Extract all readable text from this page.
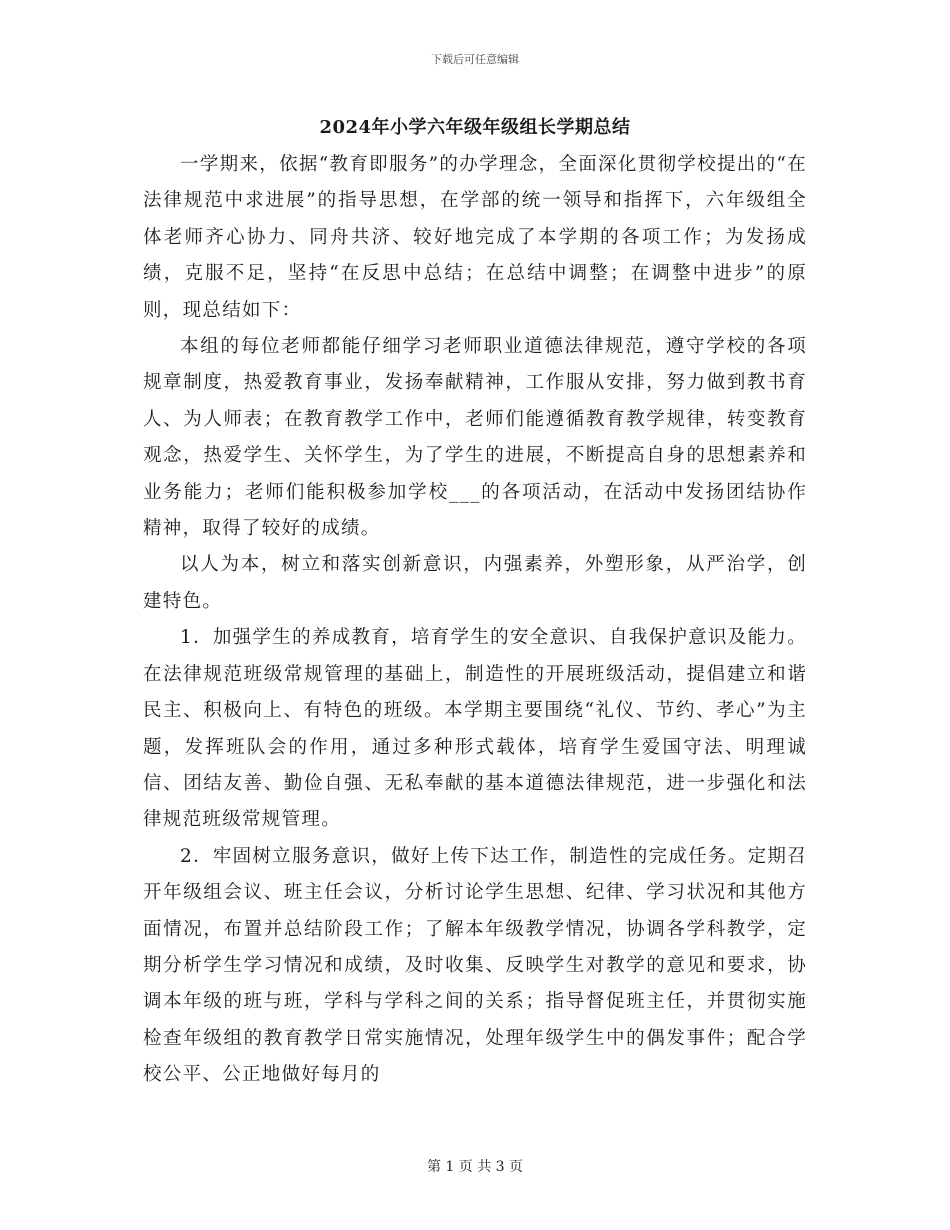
下载后可任意编辑
2024年小学六年级年级组长学期总结

一学期来，依据“教育即服务”的办学理念，全面深化贯彻学校提出的“在法律规范中求进展”的指导思想，在学部的统一领导和指挥下，六年级组全体老师齐心协力、同舟共济、较好地完成了本学期的各项工作；为发扬成绩，克服不足，坚持“在反思中总结；在总结中调整；在调整中进步”的原则，现总结如下：

本组的每位老师都能仔细学习老师职业道德法律规范，遵守学校的各项规章制度，热爱教育事业，发扬奉献精神，工作服从安排，努力做到教书育人、为人师表；在教育教学工作中，老师们能遵循教育教学规律，转变教育观念，热爱学生、关怀学生，为了学生的进展，不断提高自身的思想素养和业务能力；老师们能积极参加学校___的各项活动，在活动中发扬团结协作精神，取得了较好的成绩。

以人为本，树立和落实创新意识，内强素养，外塑形象，从严治学，创建特色。

1．加强学生的养成教育，培育学生的安全意识、自我保护意识及能力。在法律规范班级常规管理的基础上，制造性的开展班级活动，提倡建立和谐民主、积极向上、有特色的班级。本学期主要围绕“礼仪、节约、孝心”为主题，发挥班队会的作用，通过多种形式载体，培育学生爱国守法、明理诚信、团结友善、勤俭自强、无私奉献的基本道德法律规范，进一步强化和法律规范班级常规管理。

2．牢固树立服务意识，做好上传下达工作，制造性的完成任务。定期召开年级组会议、班主任会议，分析讨论学生思想、纪律、学习状况和其他方面情况，布置并总结阶段工作；了解本年级教学情况，协调各学科教学，定期分析学生学习情况和成绩，及时收集、反映学生对教学的意见和要求，协调本年级的班与班，学科与学科之间的关系；指导督促班主任，并贯彻实施检查年级组的教育教学日常实施情况，处理年级学生中的偶发事件；配合学校公平、公正地做好每月的

第 1 页 共 3 页
